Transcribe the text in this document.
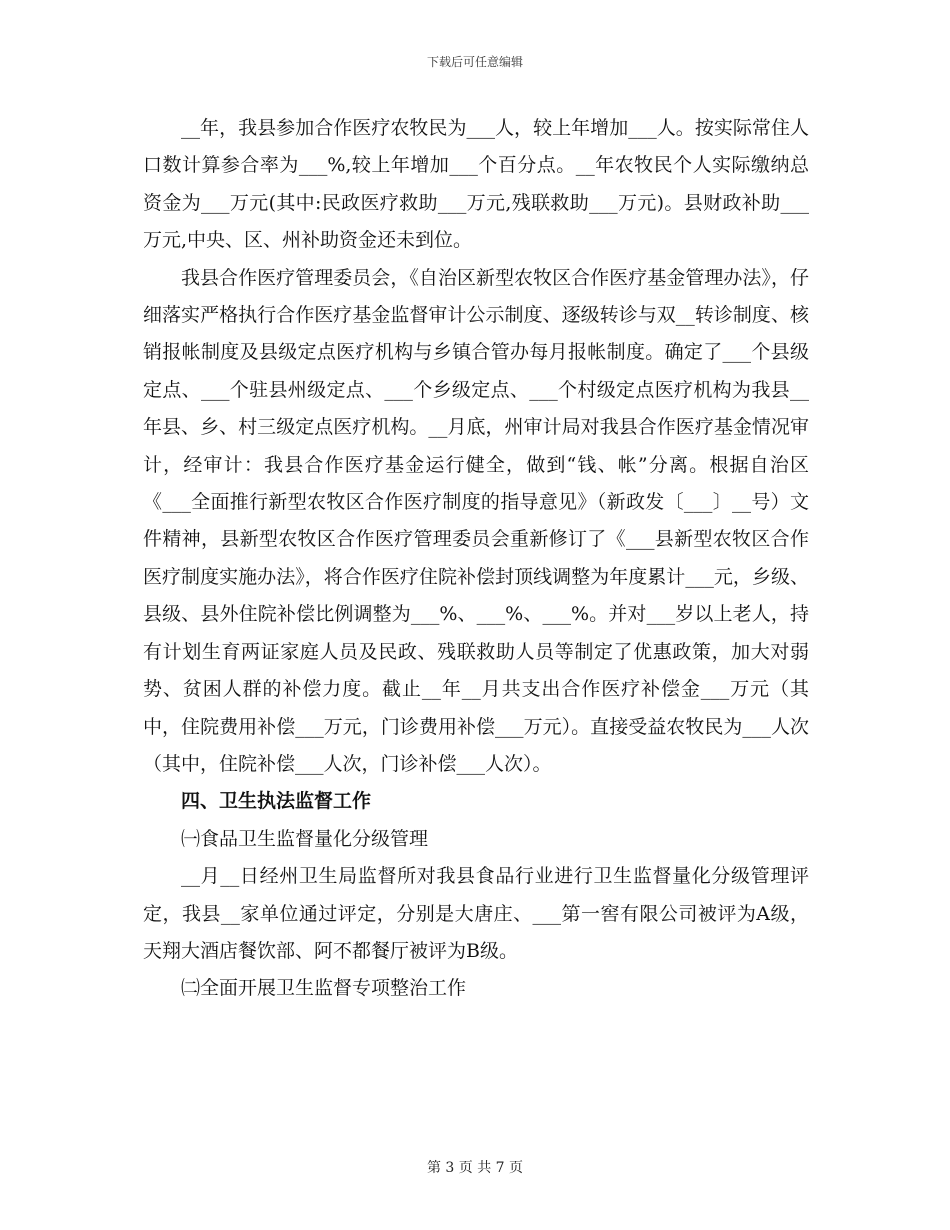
下载后可任意编辑

__年，我县参加合作医疗农牧民为___人，较上年增加___人。按实际常住人口数计算参合率为___%,较上年增加___个百分点。__年农牧民个人实际缴纳总资金为___万元(其中:民政医疗救助___万元,残联救助___万元)。县财政补助___万元,中央、区、州补助资金还未到位。

我县合作医疗管理委员会，《自治区新型农牧区合作医疗基金管理办法》，仔细落实严格执行合作医疗基金监督审计公示制度、逐级转诊与双__转诊制度、核销报帐制度及县级定点医疗机构与乡镇合管办每月报帐制度。确定了___个县级定点、___个驻县州级定点、___个乡级定点、___个村级定点医疗机构为我县__年县、乡、村三级定点医疗机构。__月底，州审计局对我县合作医疗基金情况审计，经审计：我县合作医疗基金运行健全，做到“钱、帐”分离。根据自治区《___全面推行新型农牧区合作医疗制度的指导意见》（新政发〔___〕__号）文件精神，县新型农牧区合作医疗管理委员会重新修订了《___县新型农牧区合作医疗制度实施办法》，将合作医疗住院补偿封顶线调整为年度累计___元，乡级、县级、县外住院补偿比例调整为___%、___%、___%。并对___岁以上老人，持有计划生育两证家庭人员及民政、残联救助人员等制定了优惠政策，加大对弱势、贫困人群的补偿力度。截止__年__月共支出合作医疗补偿金___万元（其中，住院费用补偿___万元，门诊费用补偿___万元）。直接受益农牧民为___人次（其中，住院补偿___人次，门诊补偿___人次）。

四、卫生执法监督工作

㈠食品卫生监督量化分级管理

__月__日经州卫生局监督所对我县食品行业进行卫生监督量化分级管理评定，我县__家单位通过评定，分别是大唐庄、___第一窖有限公司被评为A级，天翔大酒店餐饮部、阿不都餐厅被评为B级。

㈡全面开展卫生监督专项整治工作

第 3 页 共 7 页
